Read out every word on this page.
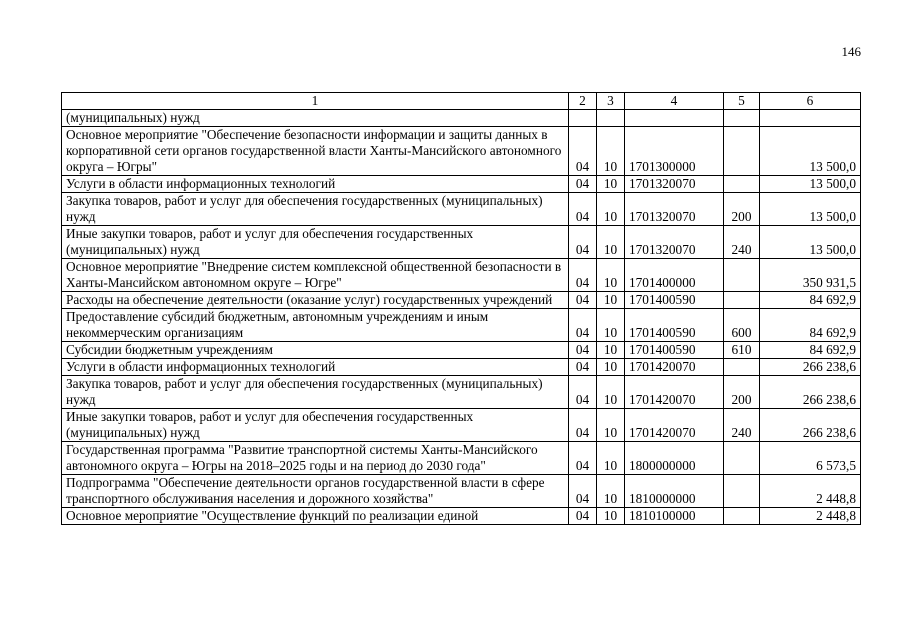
146
1	2	3	4	5	6
(муниципальных) нужд					
Основное мероприятие "Обеспечение безопасности информации и защиты данных в корпоративной сети органов государственной власти Ханты-Мансийского автономного округа – Югры"	04	10	1701300000		13 500,0
Услуги в области информационных технологий	04	10	1701320070		13 500,0
Закупка товаров, работ и услуг для обеспечения государственных (муниципальных) нужд	04	10	1701320070	200	13 500,0
Иные закупки товаров, работ и услуг для обеспечения государственных (муниципальных) нужд	04	10	1701320070	240	13 500,0
Основное мероприятие "Внедрение систем комплексной общественной безопасности в Ханты-Мансийском автономном округе – Югре"	04	10	1701400000		350 931,5
Расходы на обеспечение деятельности (оказание услуг) государственных учреждений	04	10	1701400590		84 692,9
Предоставление субсидий бюджетным, автономным учреждениям и иным некоммерческим организациям	04	10	1701400590	600	84 692,9
Субсидии бюджетным учреждениям	04	10	1701400590	610	84 692,9
Услуги в области информационных технологий	04	10	1701420070		266 238,6
Закупка товаров, работ и услуг для обеспечения государственных (муниципальных) нужд	04	10	1701420070	200	266 238,6
Иные закупки товаров, работ и услуг для обеспечения государственных (муниципальных) нужд	04	10	1701420070	240	266 238,6
Государственная программа "Развитие транспортной системы Ханты-Мансийского автономного округа – Югры на 2018–2025 годы и на период до 2030 года"	04	10	1800000000		6 573,5
Подпрограмма "Обеспечение деятельности органов государственной власти в сфере транспортного обслуживания населения и дорожного хозяйства"	04	10	1810000000		2 448,8
Основное мероприятие "Осуществление функций по реализации единой	04	10	1810100000		2 448,8
